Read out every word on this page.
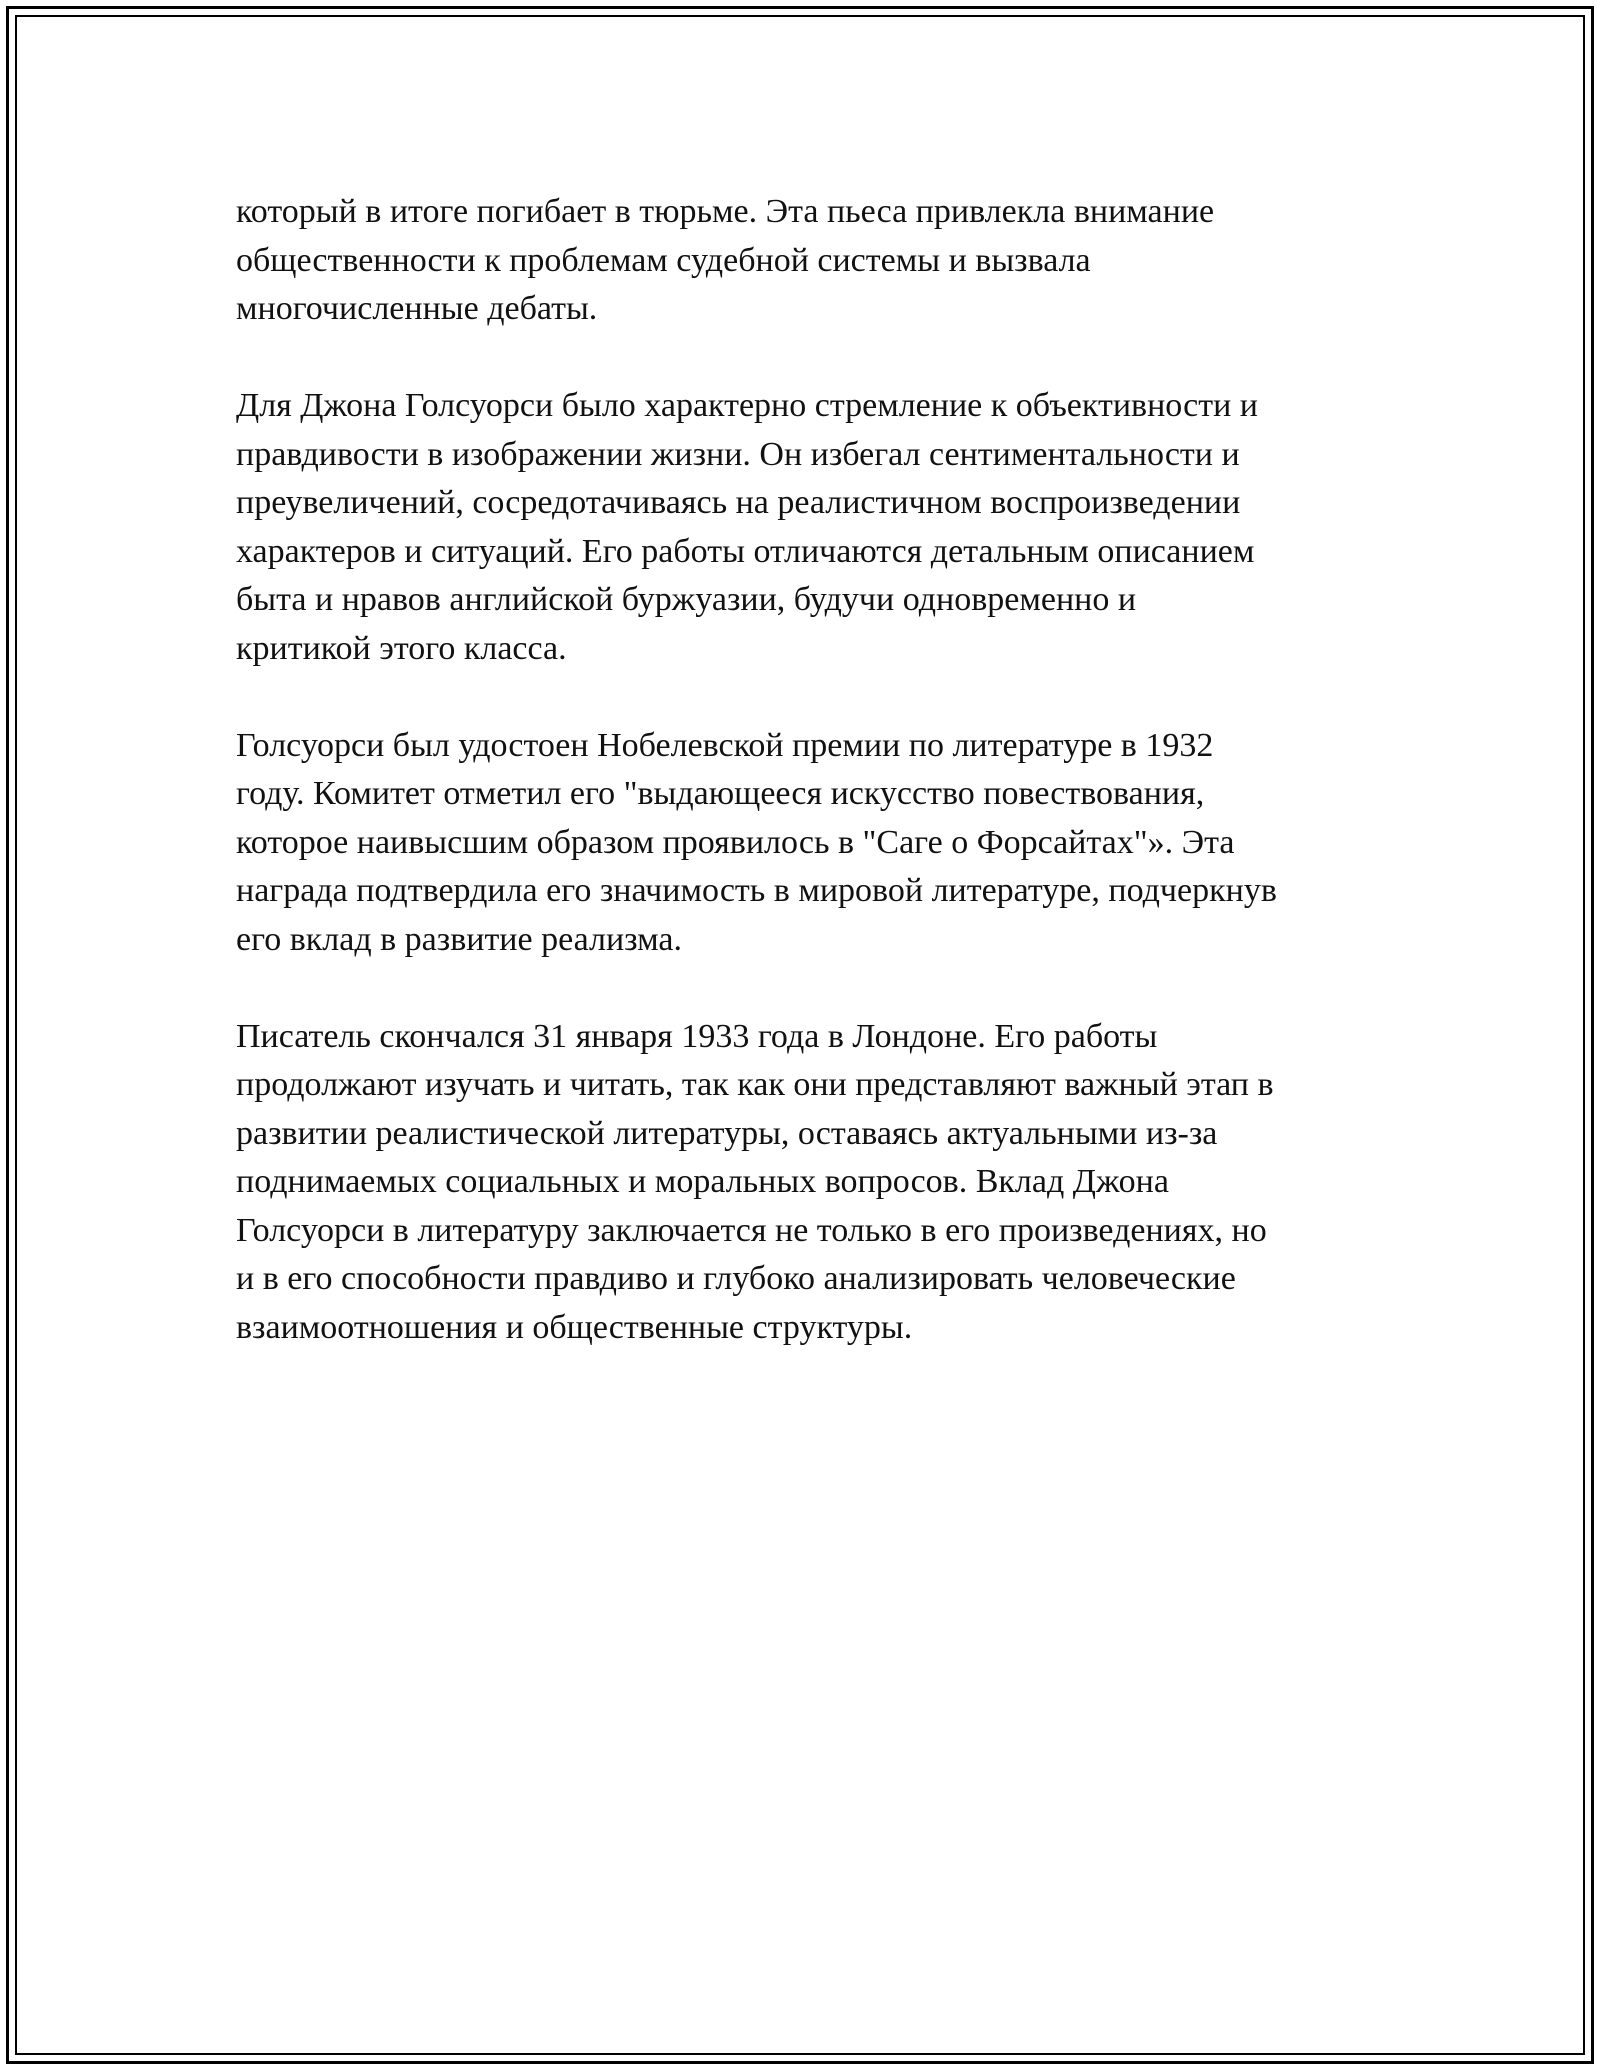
который в итоге погибает в тюрьме. Эта пьеса привлекла внимание
общественности к проблемам судебной системы и вызвала
многочисленные дебаты.

Для Джона Голсуорси было характерно стремление к объективности и
правдивости в изображении жизни. Он избегал сентиментальности и
преувеличений, сосредотачиваясь на реалистичном воспроизведении
характеров и ситуаций. Его работы отличаются детальным описанием
быта и нравов английской буржуазии, будучи одновременно и
критикой этого класса.

Голсуорси был удостоен Нобелевской премии по литературе в 1932
году. Комитет отметил его "выдающееся искусство повествования,
которое наивысшим образом проявилось в "Саге о Форсайтах"». Эта
награда подтвердила его значимость в мировой литературе, подчеркнув
его вклад в развитие реализма.

Писатель скончался 31 января 1933 года в Лондоне. Его работы
продолжают изучать и читать, так как они представляют важный этап в
развитии реалистической литературы, оставаясь актуальными из-за
поднимаемых социальных и моральных вопросов. Вклад Джона
Голсуорси в литературу заключается не только в его произведениях, но
и в его способности правдиво и глубоко анализировать человеческие
взаимоотношения и общественные структуры.
